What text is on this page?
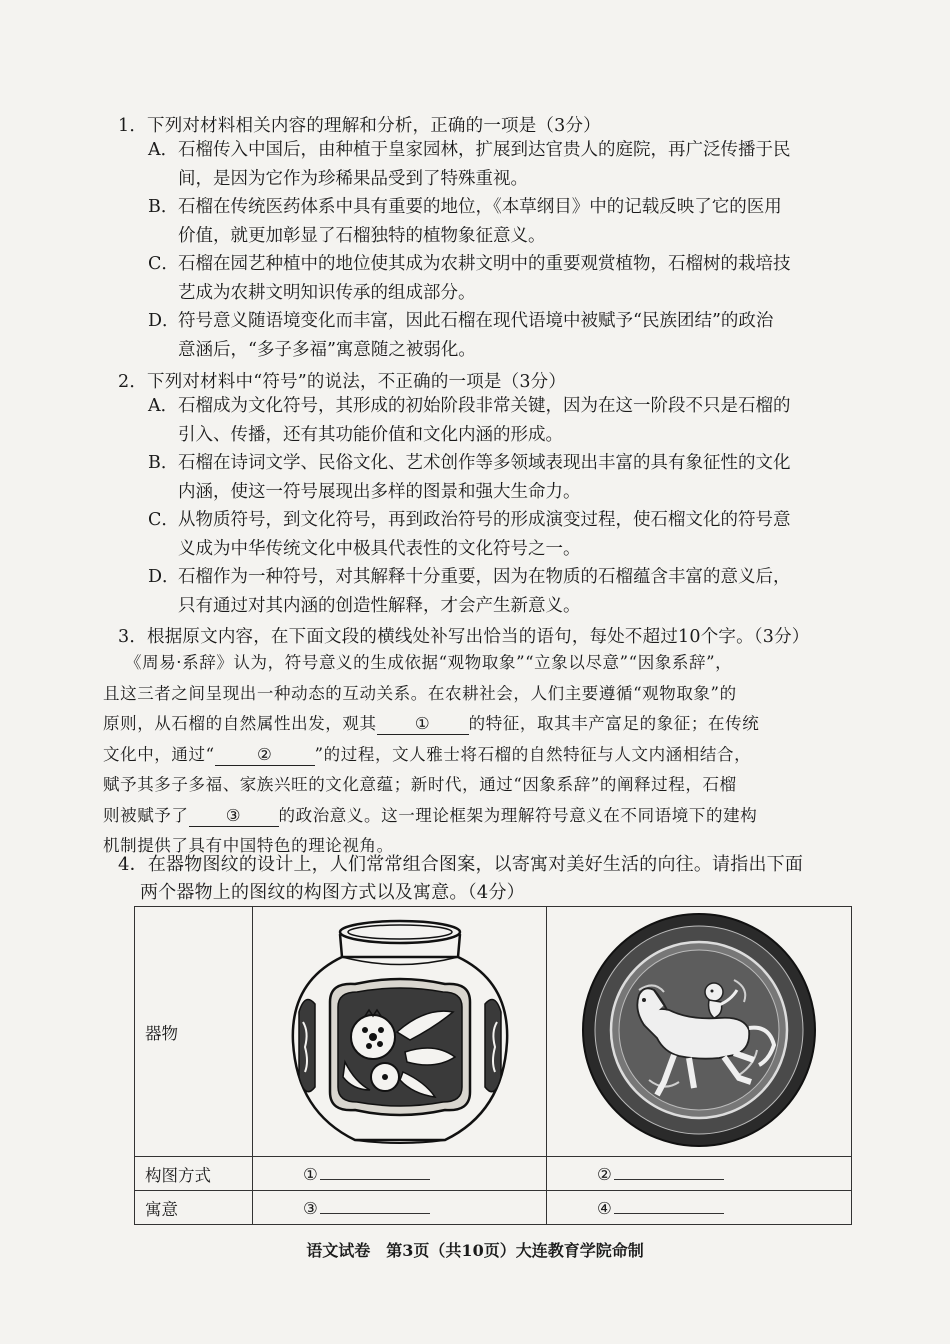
1．下列对材料相关内容的理解和分析，正确的一项是（3分）
A．石榴传入中国后，由种植于皇家园林，扩展到达官贵人的庭院，再广泛传播于民
间，是因为它作为珍稀果品受到了特殊重视。
B．石榴在传统医药体系中具有重要的地位，《本草纲目》中的记载反映了它的医用
价值，就更加彰显了石榴独特的植物象征意义。
C．石榴在园艺种植中的地位使其成为农耕文明中的重要观赏植物，石榴树的栽培技
艺成为农耕文明知识传承的组成部分。
D．符号意义随语境变化而丰富，因此石榴在现代语境中被赋予“民族团结”的政治
意涵后，“多子多福”寓意随之被弱化。
2．下列对材料中“符号”的说法，不正确的一项是（3分）
A．石榴成为文化符号，其形成的初始阶段非常关键，因为在这一阶段不只是石榴的
引入、传播，还有其功能价值和文化内涵的形成。
B．石榴在诗词文学、民俗文化、艺术创作等多领域表现出丰富的具有象征性的文化
内涵，使这一符号展现出多样的图景和强大生命力。
C．从物质符号，到文化符号，再到政治符号的形成演变过程，使石榴文化的符号意
义成为中华传统文化中极具代表性的文化符号之一。
D．石榴作为一种符号，对其解释十分重要，因为在物质的石榴蕴含丰富的意义后，
只有通过对其内涵的创造性解释，才会产生新意义。
3．根据原文内容，在下面文段的横线处补写出恰当的语句，每处不超过10个字。（3分）
《周易·系辞》认为，符号意义的生成依据“观物取象”“立象以尽意”“因象系辞”，
且这三者之间呈现出一种动态的互动关系。在农耕社会，人们主要遵循“观物取象”的
原则，从石榴的自然属性出发，观其 ① 的特征，取其丰产富足的象征；在传统
文化中，通过“	②	”的过程，文人雅士将石榴的自然特征与人文内涵相结合，
赋予其多子多福、家族兴旺的文化意蕴；新时代，通过“因象系辞”的阐释过程，石榴
则被赋予了 ③ 的政治意义。这一理论框架为理解符号意义在不同语境下的建构
机制提供了具有中国特色的理论视角。
4．在器物图纹的设计上，人们常常组合图案，以寄寓对美好生活的向往。请指出下面
两个器物上的图纹的构图方式以及寓意。（4分）
器物		
构图方式	①	②
寓意	③	④
语文试卷　第3页（共10页）大连教育学院命制
